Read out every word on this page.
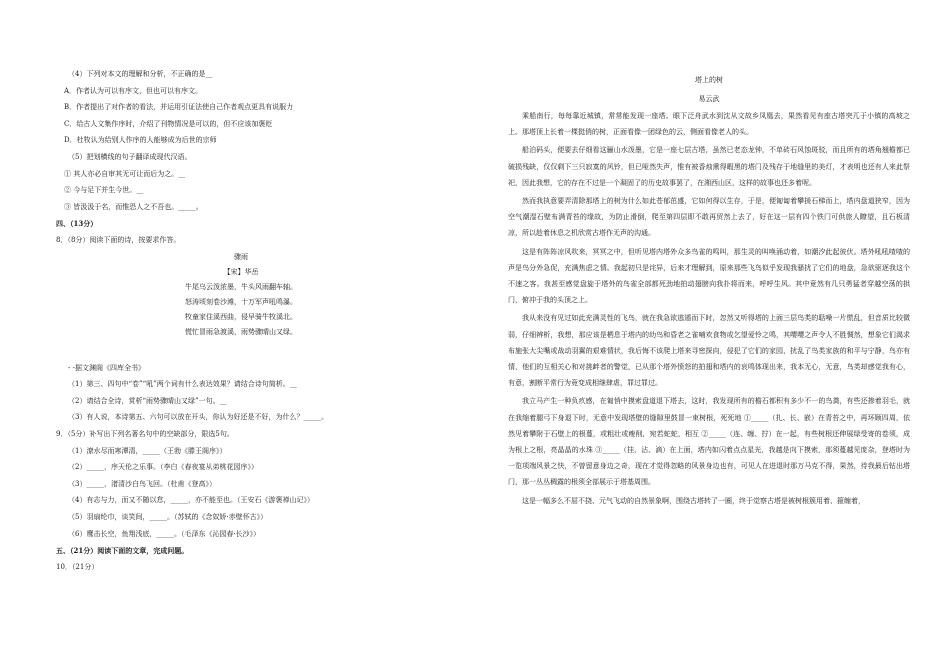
（4）下列对本文的理解和分析，不正确的是__
A．作者认为可以有序文，但也可以有序文。
B．作者提出了对作者的看法，并运用引证法使自己作者观点更具有说服力
C．给古人文集作序时，介绍了刊物情况是可以的，但不应该加褒贬
D．杜牧认为给别人作序的人能够成为后世的宗师
（5）把划横线的句子翻译成现代汉语。
① 其人亦必自审其无可让而后为之。__
② 今与足下并生今世。__
③ 皆汲汲于名，而惟恐人之不吾也。_____。
四、（13分）
8．（8分）阅读下面的诗，按要求作答。
骤雨
【宋】华岳
牛尾乌云泼浓墨，牛头风雨翻车轴。
怒涛顷刻卷沙滩，十万军声吼鸣瀑。
牧童家住溪西曲，侵早骑牛牧溪北。
慌忙冒雨急渡溪，雨势骤晴山又绿。
- -据文渊阁《四库全书》
（1）第三、四句中“卷”“吼”两个词有什么表达效果？请结合诗句简析。__
（2）请结合全诗，赏析“雨势骤晴山又绿”一句。__
（3）有人说，本诗第五、六句可以放在开头，你认为好还是不好，为什么？_____。
9．（5分）补写出下列名著名句中的空缺部分，限选5句。
（1）潦水尽而寒潭清，_____（王勃《滕王阁序》）
（2）_____，序天伦之乐事。（李白《春夜宴从弟桃花园序》）
（3）_____，渚清沙白鸟飞回。（杜甫《登高》）
（4）有志与力，而又不随以怠，_____，亦不能至也。（王安石《游褒禅山记》）
（5）羽扇纶巾，谈笑间，_____。（苏轼的《念奴娇·赤壁怀古》）
（6）鹰击长空，鱼翔浅底，_____。（毛泽东《沁园春·长沙》）
五、（21分）阅读下面的文章，完成问题。
10．（21分）
塔上的树
易云武

乘船南行，每每靠近城镇，常常能发现一座塔。眼下泛舟武水到沈从文故乡凤凰去，果然看见有座古塔突兀于小镇的高坡之上。那塔顶上长着一棵挺俏的树，正面看像一团绿色的云，侧面看像老人的头。

船泊码头，便要去仔细看这骊山水泼墨，它是一座七层古塔，虽然已老态龙钟，不单砖石风蚀斑驳，而且所有的塔角翘檐都已破损残缺，仅仅剩下三只寂寞的风铃，但已哑然失声，惟有被香烛熏得暇黑的塔门及残存于地缝里的美灯，才表明也还有人来此祭祀，因此我想，它的存在不过是一个凝固了的历史故事罢了，在湘西山区，这样的故事也还多着呢。

然而我执意要弄清除那塔上的树为什么如此苍郁茁盛，它如何得以生存，于是，便匍匐着攀援石梯而上，塔内盘道狭窄，因为空气潮湿石壁布满青苔的缘故，为防止滑倒，爬至第四层即不敢再贸然上去了，好在这一层有四个铁门可供旅人瞭望，且石板清凉，所以趁着休息之机欣赏古塔作无声的沟通。

这是有阵阵凉风吹来，冥冥之中，但听见塔内塔外众多鸟雀的鸣叫，那生灵的叫唤涌动着，如潮汐此起彼伏。塔外吼吼喳喳的声是鸟分外急促，充满焦虑之情。我起初只是诧异，后来才理解到，原来那些飞鸟似乎发现我骚扰了它们的地盘，急欲驱逐我这个不速之客。我甚至感觉盘旋于塔外的鸟雀全部都死劲地拍动翅膀向我扑将而来，呼呼生风。其中竟然有几只勇猛者穿越空荡的拱门，俯冲于我的头顶之上。

我从来没有见过如此充满灵性的飞鸟，就在我急欲逃遁而下时，忽然又听得塔的上面三层鸟类的聒噪一片慌乱，但音质比较微弱，仔细辨析，我想，那应该是栖息于塔内的幼鸟和昏老之雀哺欢食物或乞望爱怜之鸣，其嘤嘤之声令人不胜惆然，想象它们渴求布施张大尖嘴或战动羽翼的艰难情状，我后悔不该爬上塔来寻密探向，侵犯了它们的家园，扰乱了鸟类家族的和平与宁静，鸟亦有情，他们的互相关心和对挑衅者的警觉，已从那个塔外愤怒的拍翅和塔内的哀鸣体现出来，我本无心，无意，鸟类却感觉我有心，有意，割断平常行为竟变成相继肆虐，罪过罪过。

我立马产生一种负疚感，在匍悄中摸索盘道退下塔去，这时，我发现所有的檐石都积有多少不一的鸟粪，有些还掺着羽毛，就在我缩着腿弓下身退下时，无意中发现塔壁的缝隙里鼓冒一束树根，死死地 ①_____（扎、长、嵌）在青苔之中，再环顾四周，依然见着攀附于石壁上的根蔓，或粗壮或瘦削，宛若蛇蛇，相互 ②_____（连、缠、拧）在一起，有些树根还伸展绿受寄的卷须，成为根上之根，亮晶晶的水珠 ③_____（挂、沾、滴）在上面，塔内如闪着点点星光，我越是向下摸索，那须蔓越见庞杂，登塔时为一览项端风景之快，不曾留意身边之奇，现在才觉得忽略的风景身边也有，可见人在进退时那万马克不得，果然，待我最后钻出塔门，那一丛丛稠露的根须全部展示于塔基周围。

这是一幅多么不屈不挠、元气飞动的自然景象啊，围绕古塔转了一圈，终于觉察古塔是被树根簇用着、箍缠着，
